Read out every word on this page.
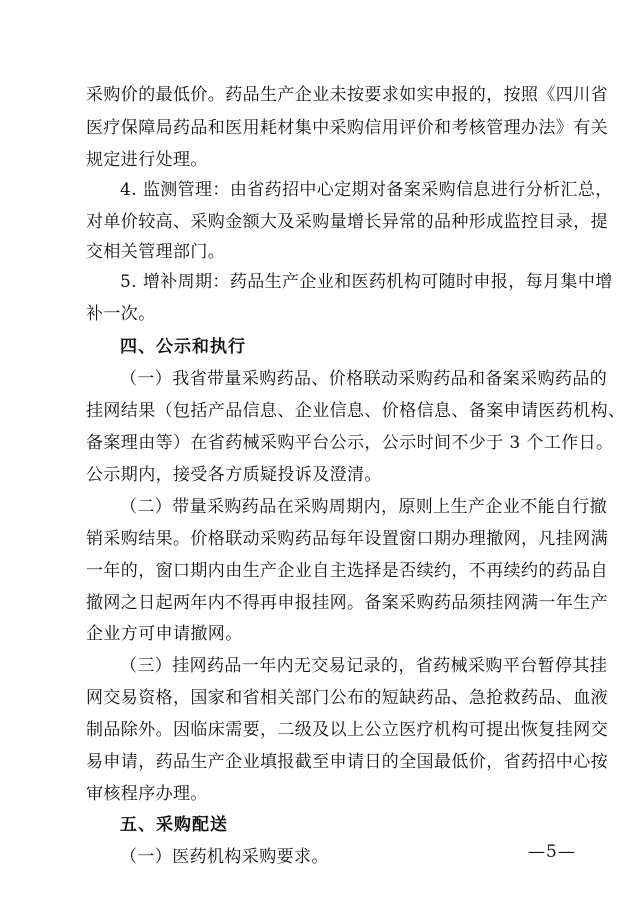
采购价的最低价。药品生产企业未按要求如实申报的，按照《四川省
医疗保障局药品和医用耗材集中采购信用评价和考核管理办法》有关
规定进行处理。
4. 监测管理：由省药招中心定期对备案采购信息进行分析汇总，
对单价较高、采购金额大及采购量增长异常的品种形成监控目录，提
交相关管理部门。
5. 增补周期：药品生产企业和医药机构可随时申报，每月集中增
补一次。
四、公示和执行
（一）我省带量采购药品、价格联动采购药品和备案采购药品的
挂网结果（包括产品信息、企业信息、价格信息、备案申请医药机构、
备案理由等）在省药械采购平台公示，公示时间不少于 3 个工作日。
公示期内，接受各方质疑投诉及澄清。
（二）带量采购药品在采购周期内，原则上生产企业不能自行撤
销采购结果。价格联动采购药品每年设置窗口期办理撤网，凡挂网满
一年的，窗口期内由生产企业自主选择是否续约，不再续约的药品自
撤网之日起两年内不得再申报挂网。备案采购药品须挂网满一年生产
企业方可申请撤网。
（三）挂网药品一年内无交易记录的，省药械采购平台暂停其挂
网交易资格，国家和省相关部门公布的短缺药品、急抢救药品、血液
制品除外。因临床需要，二级及以上公立医疗机构可提出恢复挂网交
易申请，药品生产企业填报截至申请日的全国最低价，省药招中心按
审核程序办理。
五、采购配送
（一）医药机构采购要求。	—5—
